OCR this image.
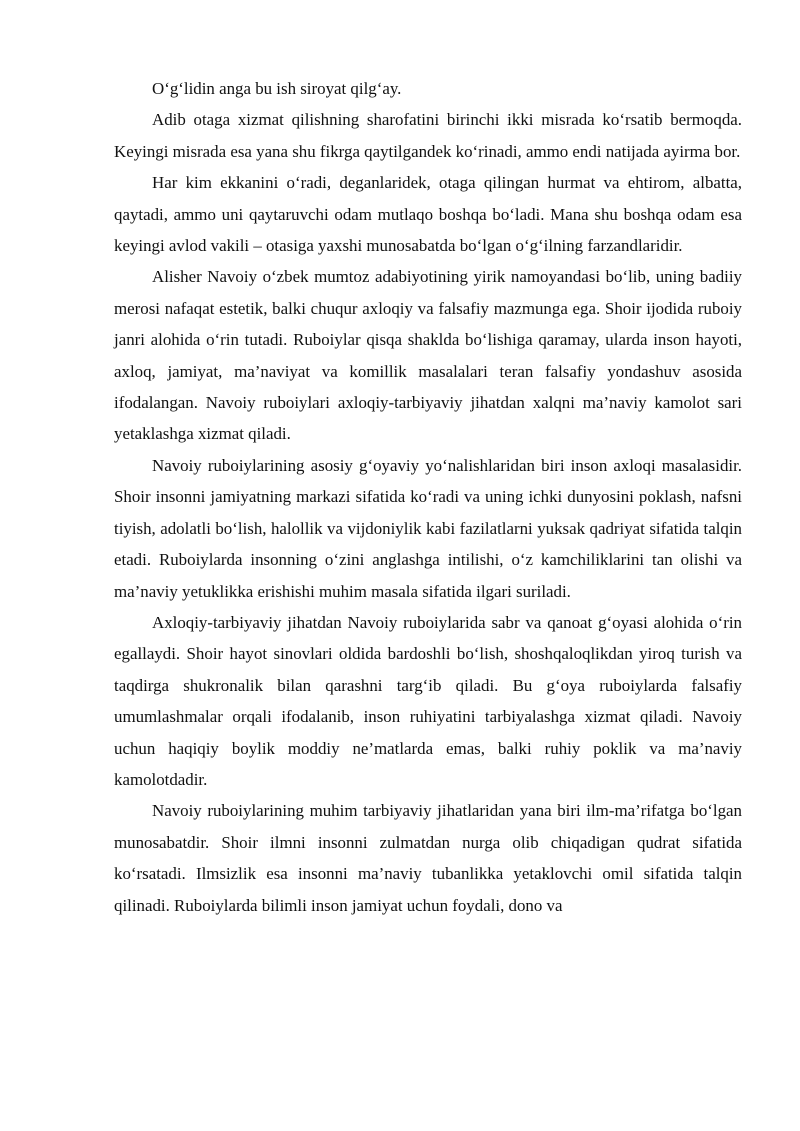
O‘g‘lidin anga bu ish siroyat qilg‘ay.

Adib otaga xizmat qilishning sharofatini birinchi ikki misrada ko‘rsatib bermoqda. Keyingi misrada esa yana shu fikrga qaytilgandek ko‘rinadi, ammo endi natijada ayirma bor.

Har kim ekkanini o‘radi, deganlaridek, otaga qilingan hurmat va ehtirom, albatta, qaytadi, ammo uni qaytaruvchi odam mutlaqo boshqa bo‘ladi. Mana shu boshqa odam esa keyingi avlod vakili – otasiga yaxshi munosabatda bo‘lgan o‘g‘ilning farzandlaridir.

Alisher Navoiy o‘zbek mumtoz adabiyotining yirik namoyandasi bo‘lib, uning badiiy merosi nafaqat estetik, balki chuqur axloqiy va falsafiy mazmunga ega. Shoir ijodida ruboiy janri alohida o‘rin tutadi. Ruboiylar qisqa shaklda bo‘lishiga qaramay, ularda inson hayoti, axloq, jamiyat, ma’naviyat va komillik masalalari teran falsafiy yondashuv asosida ifodalangan. Navoiy ruboiylari axloqiy-tarbiyaviy jihatdan xalqni ma’naviy kamolot sari yetaklashga xizmat qiladi.

Navoiy ruboiylarining asosiy g‘oyaviy yo‘nalishlaridan biri inson axloqi masalasidir. Shoir insonni jamiyatning markazi sifatida ko‘radi va uning ichki dunyosini poklash, nafsni tiyish, adolatli bo‘lish, halollik va vijdoniylik kabi fazilatlarni yuksak qadriyat sifatida talqin etadi. Ruboiylarda insonning o‘zini anglashga intilishi, o‘z kamchiliklarini tan olishi va ma’naviy yetuklikka erishishi muhim masala sifatida ilgari suriladi.

Axloqiy-tarbiyaviy jihatdan Navoiy ruboiylarida sabr va qanoat g‘oyasi alohida o‘rin egallaydi. Shoir hayot sinovlari oldida bardoshli bo‘lish, shoshqaloqlikdan yiroq turish va taqdirga shukronalik bilan qarashni targ‘ib qiladi. Bu g‘oya ruboiylarda falsafiy umumlashmalar orqali ifodalanib, inson ruhiyatini tarbiyalashga xizmat qiladi. Navoiy uchun haqiqiy boylik moddiy ne’matlarda emas, balki ruhiy poklik va ma’naviy kamolotdadir.

Navoiy ruboiylarining muhim tarbiyaviy jihatlaridan yana biri ilm-ma’rifatga bo‘lgan munosabatdir. Shoir ilmni insonni zulmatdan nurga olib chiqadigan qudrat sifatida ko‘rsatadi. Ilmsizlik esa insonni ma’naviy tubanlikka yetaklovchi omil sifatida talqin qilinadi. Ruboiylarda bilimli inson jamiyat uchun foydali, dono va
